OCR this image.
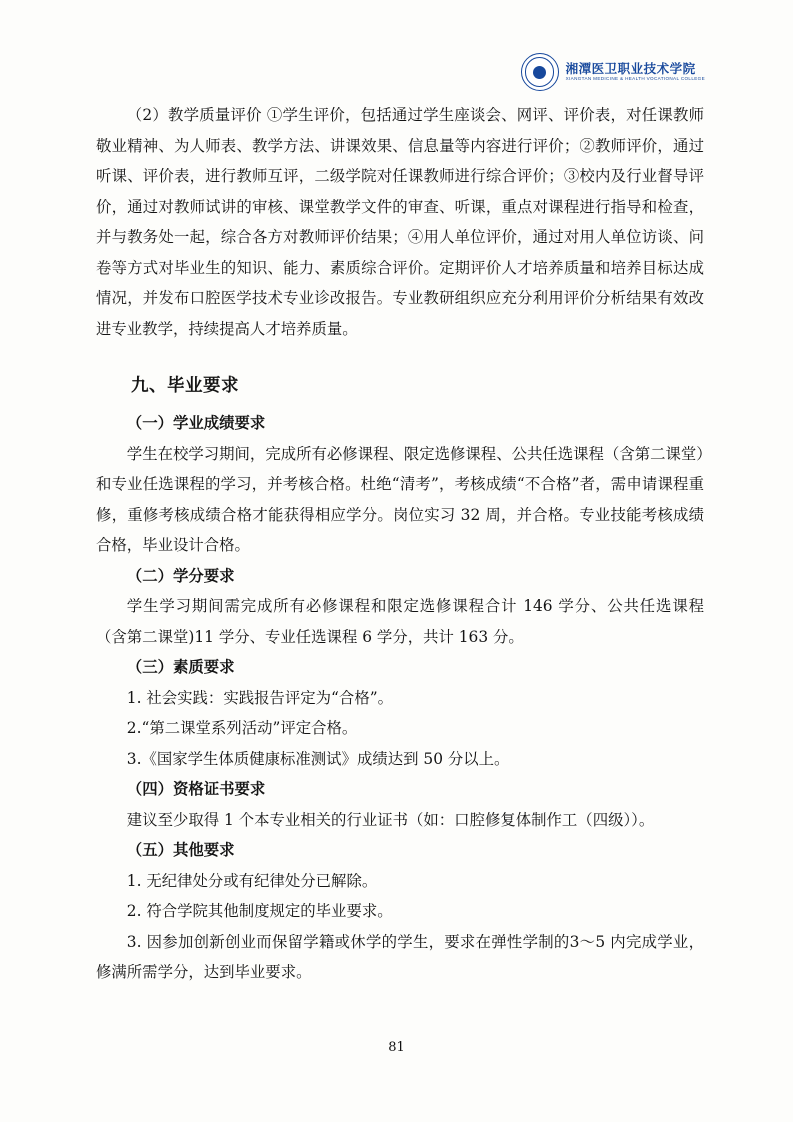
湘潭医卫职业技术学院
XIANGTAN MEDICINE & HEALTH VOCATIONAL COLLEGE

（2）教学质量评价 ①学生评价，包括通过学生座谈会、网评、评价表，对任课教师敬业精神、为人师表、教学方法、讲课效果、信息量等内容进行评价；②教师评价，通过听课、评价表，进行教师互评，二级学院对任课教师进行综合评价；③校内及行业督导评价，通过对教师试讲的审核、课堂教学文件的审查、听课，重点对课程进行指导和检查，并与教务处一起，综合各方对教师评价结果；④用人单位评价，通过对用人单位访谈、问卷等方式对毕业生的知识、能力、素质综合评价。定期评价人才培养质量和培养目标达成情况，并发布口腔医学技术专业诊改报告。专业教研组织应充分利用评价分析结果有效改进专业教学，持续提高人才培养质量。

九、毕业要求

（一）学业成绩要求

学生在校学习期间，完成所有必修课程、限定选修课程、公共任选课程（含第二课堂）和专业任选课程的学习，并考核合格。杜绝“清考”，考核成绩“不合格”者，需申请课程重修，重修考核成绩合格才能获得相应学分。岗位实习 32 周，并合格。专业技能考核成绩合格，毕业设计合格。

（二）学分要求

学生学习期间需完成所有必修课程和限定选修课程合计 146 学分、公共任选课程（含第二课堂)11 学分、专业任选课程 6 学分，共计 163 分。

（三）素质要求

1. 社会实践：实践报告评定为“合格”。

2.“第二课堂系列活动”评定合格。

3.《国家学生体质健康标准测试》成绩达到 50 分以上。

（四）资格证书要求

建议至少取得 1 个本专业相关的行业证书（如：口腔修复体制作工（四级））。

（五）其他要求

1. 无纪律处分或有纪律处分已解除。

2. 符合学院其他制度规定的毕业要求。

3. 因参加创新创业而保留学籍或休学的学生，要求在弹性学制的3～5 内完成学业，修满所需学分，达到毕业要求。

81
